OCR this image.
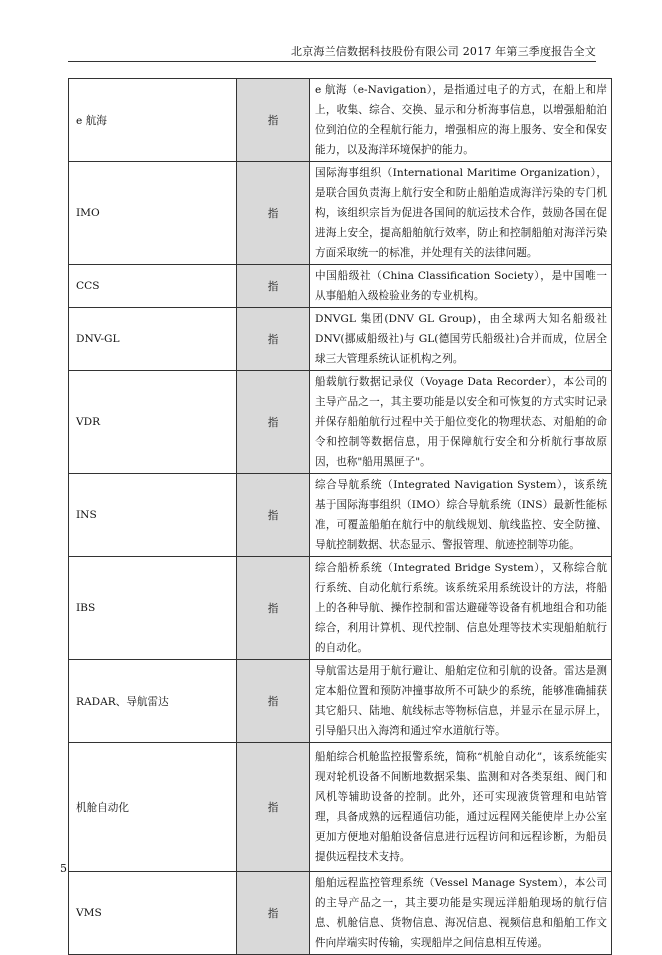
北京海兰信数据科技股份有限公司 2017 年第三季度报告全文
e 航海	指	e 航海（e-Navigation），是指通过电子的方式，在船上和岸上，收集、综合、交换、显示和分析海事信息，以增强船舶泊位到泊位的全程航行能力，增强相应的海上服务、安全和保安能力，以及海洋环境保护的能力。
IMO	指	国际海事组织（International Maritime Organization），是联合国负责海上航行安全和防止船舶造成海洋污染的专门机构，该组织宗旨为促进各国间的航运技术合作，鼓励各国在促进海上安全，提高船舶航行效率，防止和控制船舶对海洋污染方面采取统一的标准，并处理有关的法律问题。
CCS	指	中国船级社（China Classification Society），是中国唯一从事船舶入级检验业务的专业机构。
DNV-GL	指	DNVGL 集团(DNV GL Group)，由全球两大知名船级社 DNV(挪威船级社)与 GL(德国劳氏船级社)合并而成，位居全球三大管理系统认证机构之列。
VDR	指	船载航行数据记录仪（Voyage Data Recorder），本公司的主导产品之一，其主要功能是以安全和可恢复的方式实时记录并保存船舶航行过程中关于船位变化的物理状态、对船舶的命令和控制等数据信息，用于保障航行安全和分析航行事故原因，也称"船用黑匣子"。
INS	指	综合导航系统（Integrated Navigation System），该系统基于国际海事组织（IMO）综合导航系统（INS）最新性能标准，可覆盖船舶在航行中的航线规划、航线监控、安全防撞、导航控制数据、状态显示、警报管理、航迹控制等功能。
IBS	指	综合船桥系统（Integrated Bridge System），又称综合航行系统、自动化航行系统。该系统采用系统设计的方法，将船上的各种导航、操作控制和雷达避碰等设备有机地组合和功能综合，利用计算机、现代控制、信息处理等技术实现船舶航行的自动化。
RADAR、导航雷达	指	导航雷达是用于航行避让、船舶定位和引航的设备。雷达是测定本船位置和预防冲撞事故所不可缺少的系统，能够准确捕获其它船只、陆地、航线标志等物标信息，并显示在显示屏上，引导船只出入海湾和通过窄水道航行等。
机舱自动化	指	船舶综合机舱监控报警系统，简称“机舱自动化”，该系统能实现对轮机设备不间断地数据采集、监测和对各类泵组、阀门和风机等辅助设备的控制。此外，还可实现液货管理和电站管理，具备成熟的远程通信功能，通过远程网关能使岸上办公室更加方便地对船舶设备信息进行远程访问和远程诊断，为船员提供远程技术支持。
VMS	指	船舶远程监控管理系统（Vessel Manage System），本公司的主导产品之一，其主要功能是实现远洋船舶现场的航行信息、机舱信息、货物信息、海况信息、视频信息和船舶工作文件向岸端实时传输，实现船岸之间信息相互传递。
5
